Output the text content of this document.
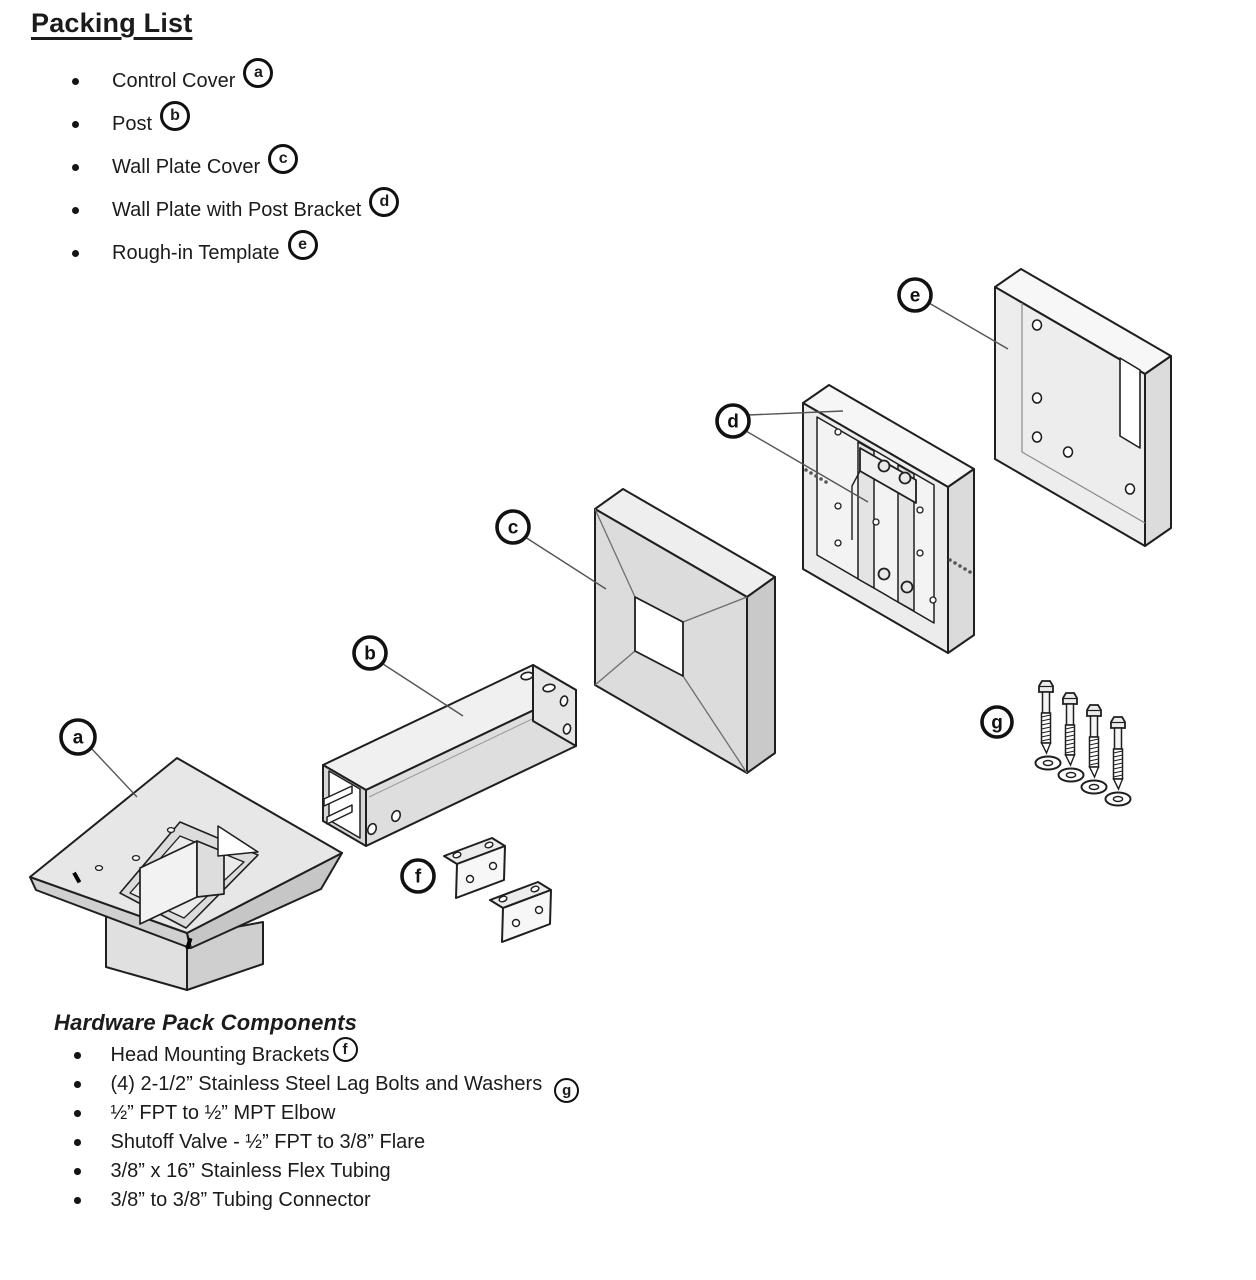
Packing List
Control Cover	a
Post	b
Wall Plate Cover	c
Wall Plate with Post Bracket	d
Rough-in Template	e
Hardware Pack Components
Head Mounting Brackets f
(4) 2-1/2” Stainless Steel Lag Bolts and Washers	g
½” FPT to ½” MPT Elbow
Shutoff Valve - ½” FPT to 3/8” Flare
3/8” x 16” Stainless Flex Tubing
3/8” to 3/8” Tubing Connector
a
b
c
d
e
f
g
